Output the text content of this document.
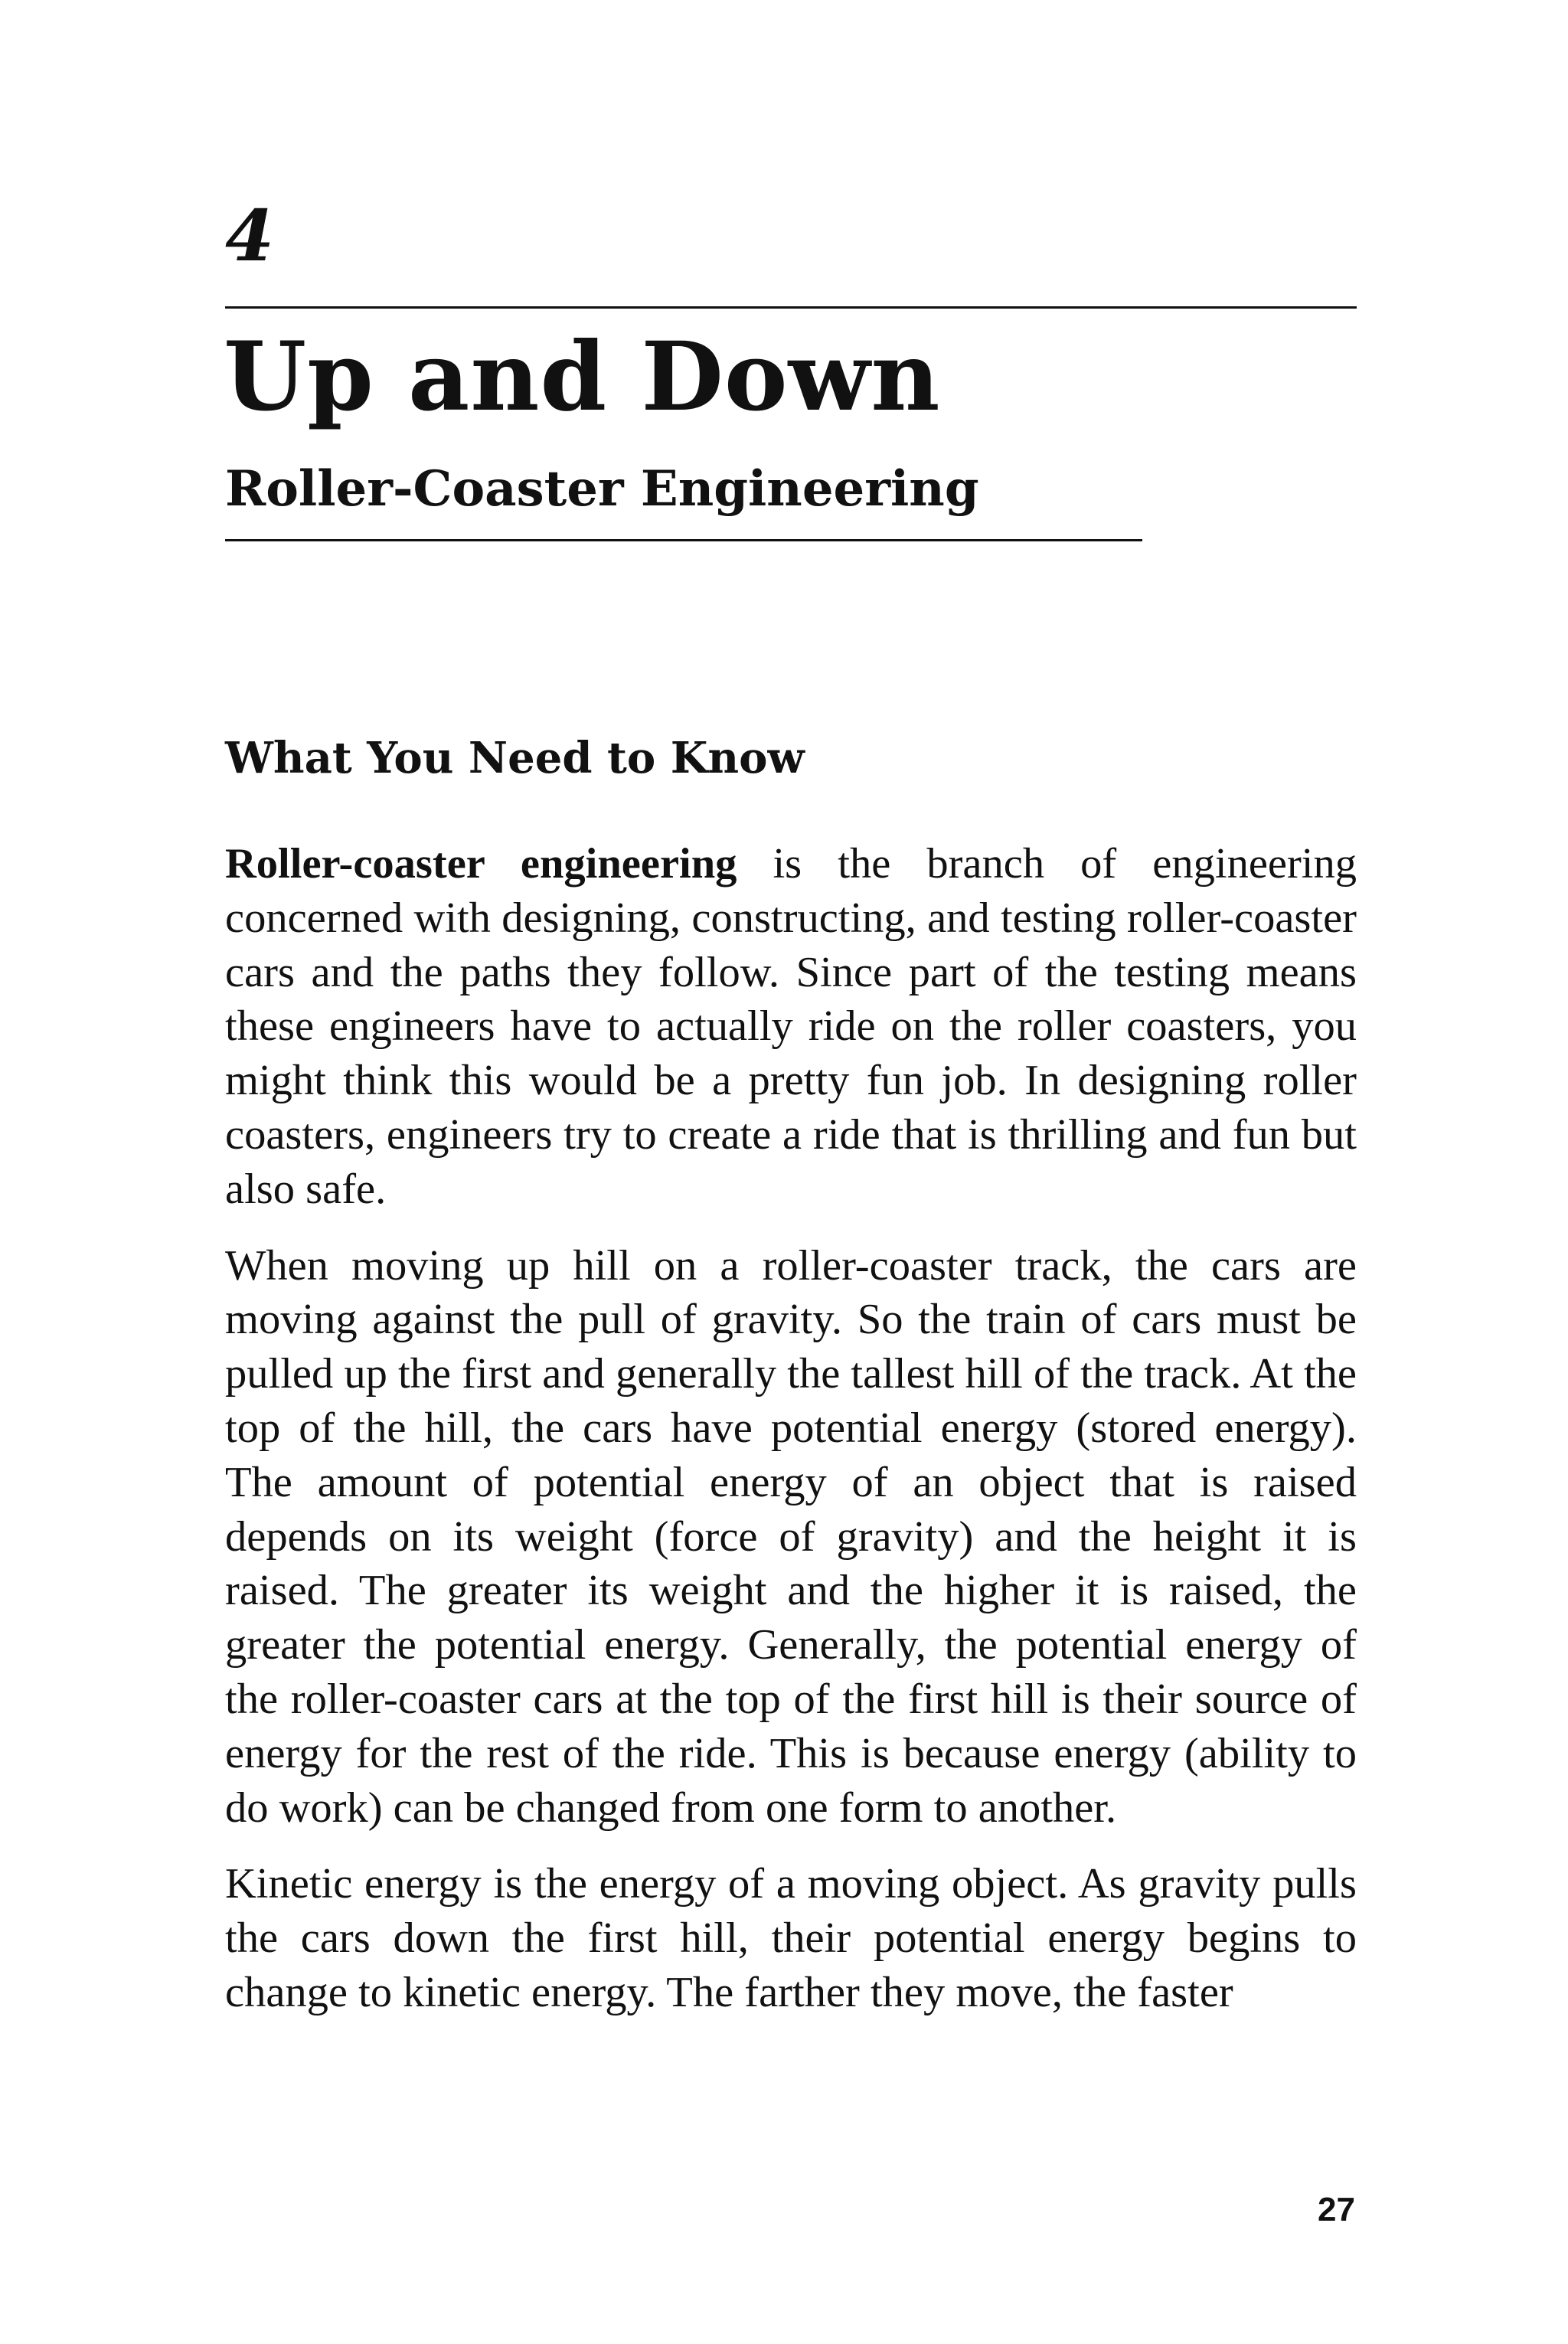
4
Up and Down
Roller-Coaster Engineering
What You Need to Know

Roller-coaster engineering is the branch of engineering concerned with designing, constructing, and testing roller-coaster cars and the paths they follow. Since part of the testing means these engineers have to actually ride on the roller coasters, you might think this would be a pretty fun job. In designing roller coasters, engineers try to create a ride that is thrilling and fun but also safe.

When moving up hill on a roller-coaster track, the cars are moving against the pull of gravity. So the train of cars must be pulled up the first and generally the tallest hill of the track. At the top of the hill, the cars have potential energy (stored energy). The amount of potential energy of an object that is raised depends on its weight (force of gravity) and the height it is raised. The greater its weight and the higher it is raised, the greater the potential energy. Generally, the potential energy of the roller-coaster cars at the top of the first hill is their source of energy for the rest of the ride. This is because energy (ability to do work) can be changed from one form to another.

Kinetic energy is the energy of a moving object. As gravity pulls the cars down the first hill, their potential energy begins to change to kinetic energy. The farther they move, the faster

27
